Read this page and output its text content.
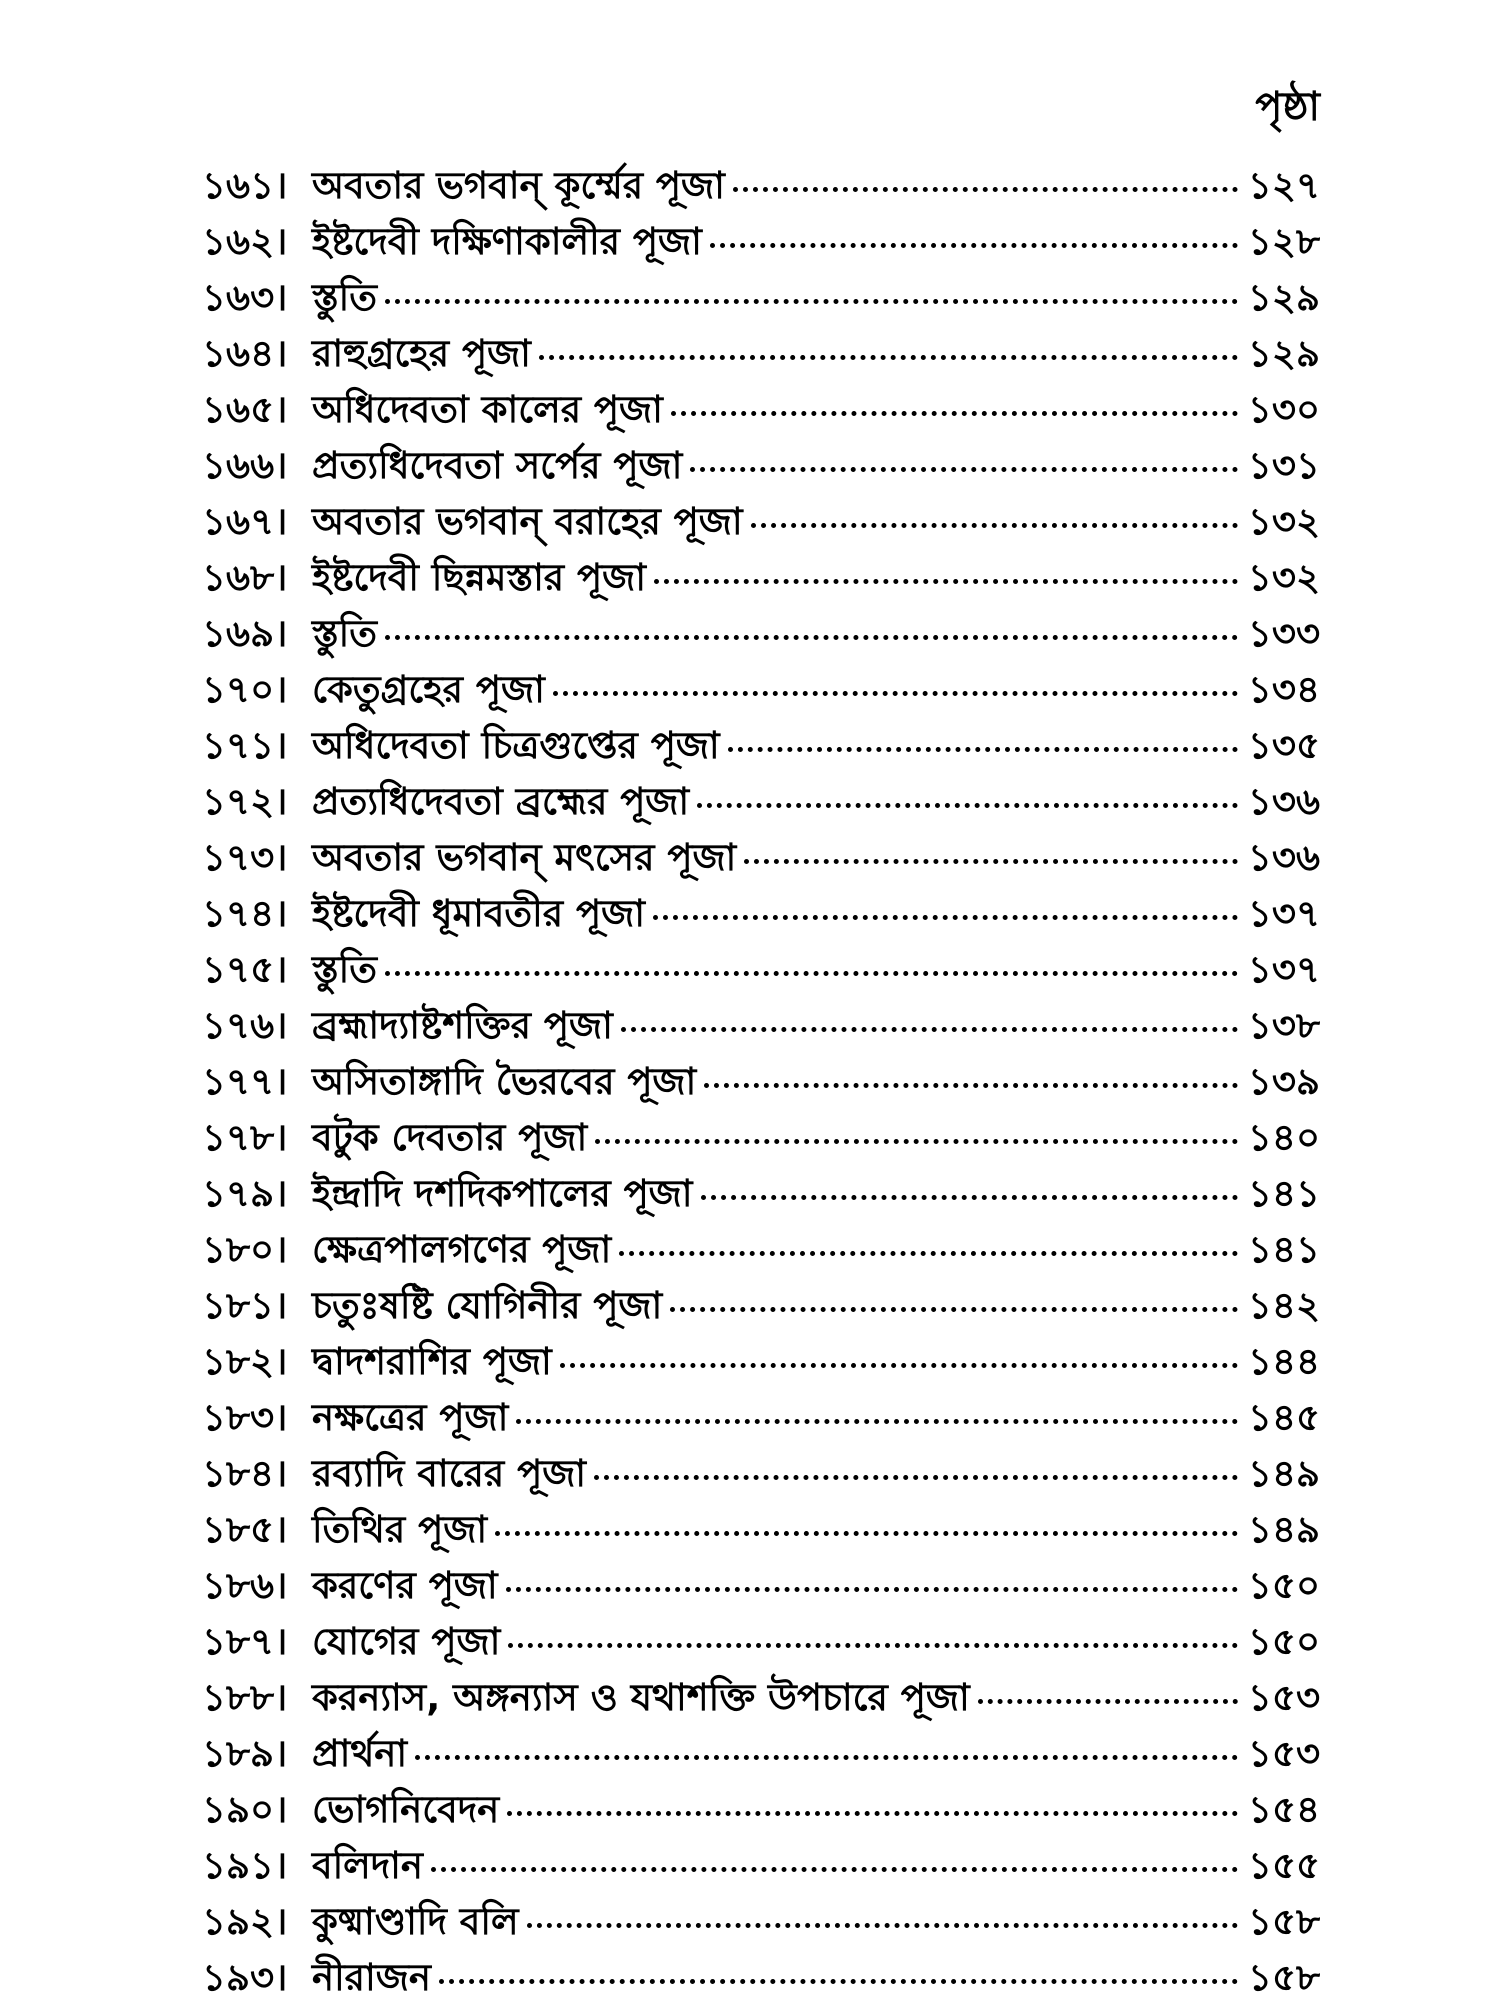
পৃষ্ঠা
১৬১। অবতার ভগবান্ কূর্ম্মের পূজা	১২৭
১৬২। ইষ্টদেবী দক্ষিণাকালীর পূজা	১২৮
১৬৩। স্তুতি	১২৯
১৬৪। রাহুগ্রহের পূজা	১২৯
১৬৫। অধিদেবতা কালের পূজা	১৩০
১৬৬। প্রত্যধিদেবতা সর্পের পূজা	১৩১
১৬৭। অবতার ভগবান্ বরাহের পূজা	১৩২
১৬৮। ইষ্টদেবী ছিন্নমস্তার পূজা	১৩২
১৬৯। স্তুতি	১৩৩
১৭০। কেতুগ্রহের পূজা	১৩৪
১৭১। অধিদেবতা চিত্রগুপ্তের পূজা	১৩৫
১৭২। প্রত্যধিদেবতা ব্রহ্মের পূজা	১৩৬
১৭৩। অবতার ভগবান্ মৎসের পূজা	১৩৬
১৭৪। ইষ্টদেবী ধূমাবতীর পূজা	১৩৭
১৭৫। স্তুতি	১৩৭
১৭৬। ব্রহ্মাদ্যাষ্টশক্তির পূজা	১৩৮
১৭৭। অসিতাঙ্গাদি ভৈরবের পূজা	১৩৯
১৭৮। বটুক দেবতার পূজা	১৪০
১৭৯। ইন্দ্রাদি দশদিকপালের পূজা	১৪১
১৮০। ক্ষেত্রপালগণের পূজা	১৪১
১৮১। চতুঃষষ্টি যোগিনীর পূজা	১৪২
১৮২। দ্বাদশরাশির পূজা	১৪৪
১৮৩। নক্ষত্রের পূজা	১৪৫
১৮৪। রব্যাদি বারের পূজা	১৪৯
১৮৫। তিথির পূজা	১৪৯
১৮৬। করণের পূজা	১৫০
১৮৭। যোগের পূজা	১৫০
১৮৮। করন্যাস, অঙ্গন্যাস ও যথাশক্তি উপচারে পূজা	১৫৩
১৮৯। প্রার্থনা	১৫৩
১৯০। ভোগনিবেদন	১৫৪
১৯১। বলিদান	১৫৫
১৯২। কুষ্মাণ্ডাদি বলি	১৫৮
১৯৩। নীরাজন	১৫৮
